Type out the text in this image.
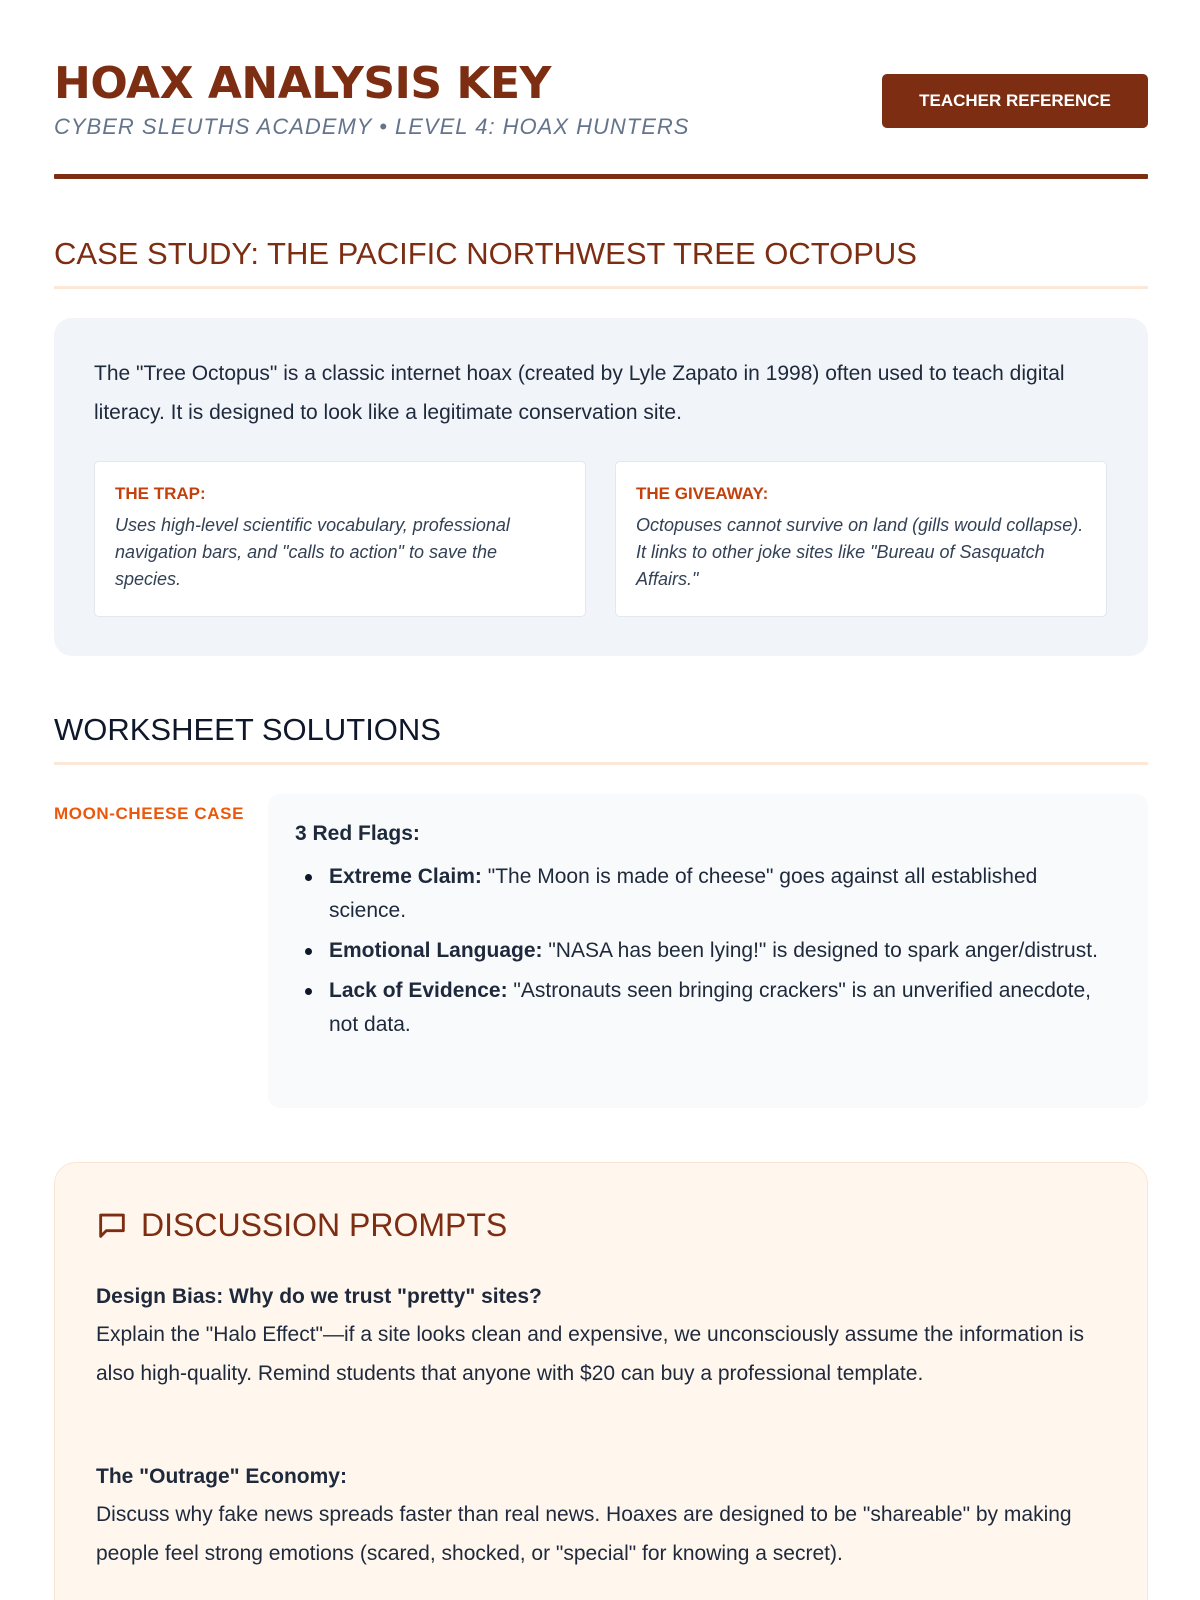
HOAX ANALYSIS KEY
CYBER SLEUTHS ACADEMY • LEVEL 4: HOAX HUNTERS
TEACHER REFERENCE
CASE STUDY: THE PACIFIC NORTHWEST TREE OCTOPUS
The "Tree Octopus" is a classic internet hoax (created by Lyle Zapato in 1998) often used to teach digital literacy. It is designed to look like a legitimate conservation site.
THE TRAP:
Uses high-level scientific vocabulary, professional navigation bars, and "calls to action" to save the species.
THE GIVEAWAY:
Octopuses cannot survive on land (gills would collapse). It links to other joke sites like "Bureau of Sasquatch Affairs."
WORKSHEET SOLUTIONS
MOON-CHEESE CASE
3 Red Flags:
Extreme Claim: "The Moon is made of cheese" goes against all established science.
Emotional Language: "NASA has been lying!" is designed to spark anger/distrust.
Lack of Evidence: "Astronauts seen bringing crackers" is an unverified anecdote, not data.
DISCUSSION PROMPTS
Design Bias: Why do we trust "pretty" sites?
Explain the "Halo Effect"—if a site looks clean and expensive, we unconsciously assume the information is also high-quality. Remind students that anyone with $20 can buy a professional template.
The "Outrage" Economy:
Discuss why fake news spreads faster than real news. Hoaxes are designed to be "shareable" by making people feel strong emotions (scared, shocked, or "special" for knowing a secret).
